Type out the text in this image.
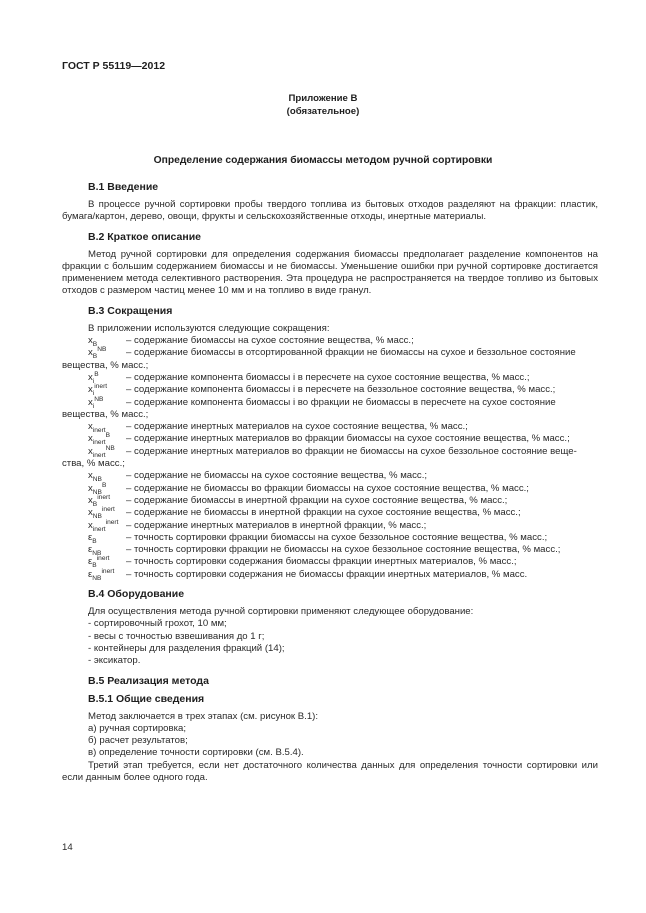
ГОСТ Р 55119—2012
Приложение В
(обязательное)
Определение содержания биомассы методом ручной сортировки
В.1 Введение

В процессе ручной сортировки пробы твердого топлива из бытовых отходов разделяют на фракции: пластик, бумага/картон, дерево, овощи, фрукты и сельскохозяйственные отходы, инертные материалы.

В.2 Краткое описание

Метод ручной сортировки для определения содержания биомассы предполагает разделение компонентов на фракции с большим содержанием биомассы и не биомассы. Уменьшение ошибки при ручной сортировке достигается применением метода селективного растворения. Эта процедура не распространяется на твердое топливо из бытовых отходов с размером частиц менее 10 мм и на топливо в виде гранул.

В.3 Сокращения

В приложении используются следующие сокращения:

$x_B$	– содержание биомассы на сухое состояние вещества, % масс.;
$x_B^{NB}$	– содержание биомассы в отсортированной фракции не биомассы на сухое и беззольное состояние
вещества, % масс.;
$x_i^B$	– содержание компонента биомассы i в пересчете на сухое состояние вещества, % масс.;
$x_i^{inert}$	– содержание компонента биомассы i в пересчете на беззольное состояние вещества, % масс.;
$x_i^{NB}$	– содержание компонента биомассы i во фракции не биомассы в пересчете на сухое состояние
вещества, % масс.;
$x_{inert}$	– содержание инертных материалов на сухое состояние вещества, % масс.;
$x_{inert}^B$	– содержание инертных материалов во фракции биомассы на сухое состояние вещества, % масс.;
$x_{inert}^{NB}$	– содержание инертных материалов во фракции не биомассы на сухое беззольное состояние веще-
ства, % масс.;
$x_{NB}$	– содержание не биомассы на сухое состояние вещества, % масс.;
$x_{NB}^B$	– содержание не биомассы во фракции биомассы на сухое состояние вещества, % масс.;
$x_B^{inert}$	– содержание биомассы в инертной фракции на сухое состояние вещества, % масс.;
$x_{NB}^{inert}$	– содержание не биомассы в инертной фракции на сухое состояние вещества, % масс.;
$x_{inert}^{inert}$ – содержание инертных материалов в инертной фракции, % масс.;
$\varepsilon_B$	– точность сортировки фракции биомассы на сухое беззольное состояние вещества, % масс.;
$\varepsilon_{NB}$	– точность сортировки фракции не биомассы на сухое беззольное состояние вещества, % масс.;
$\varepsilon_B^{inert}$	– точность сортировки содержания биомассы фракции инертных материалов, % масс.;
$\varepsilon_{NB}^{inert}$	– точность сортировки содержания не биомассы фракции инертных материалов, % масс.
В.4 Оборудование

Для осуществления метода ручной сортировки применяют следующее оборудование:

- сортировочный грохот, 10 мм;
- весы с точностью взвешивания до 1 г;
- контейнеры для разделения фракций (14);
- эксикатор.
В.5 Реализация метода
В.5.1 Общие сведения

Метод заключается в трех этапах (см. рисунок В.1):

а) ручная сортировка;
б) расчет результатов;
в) определение точности сортировки (см. В.5.4).

Третий этап требуется, если нет достаточного количества данных для определения точности сортировки или если данным более одного года.

14
